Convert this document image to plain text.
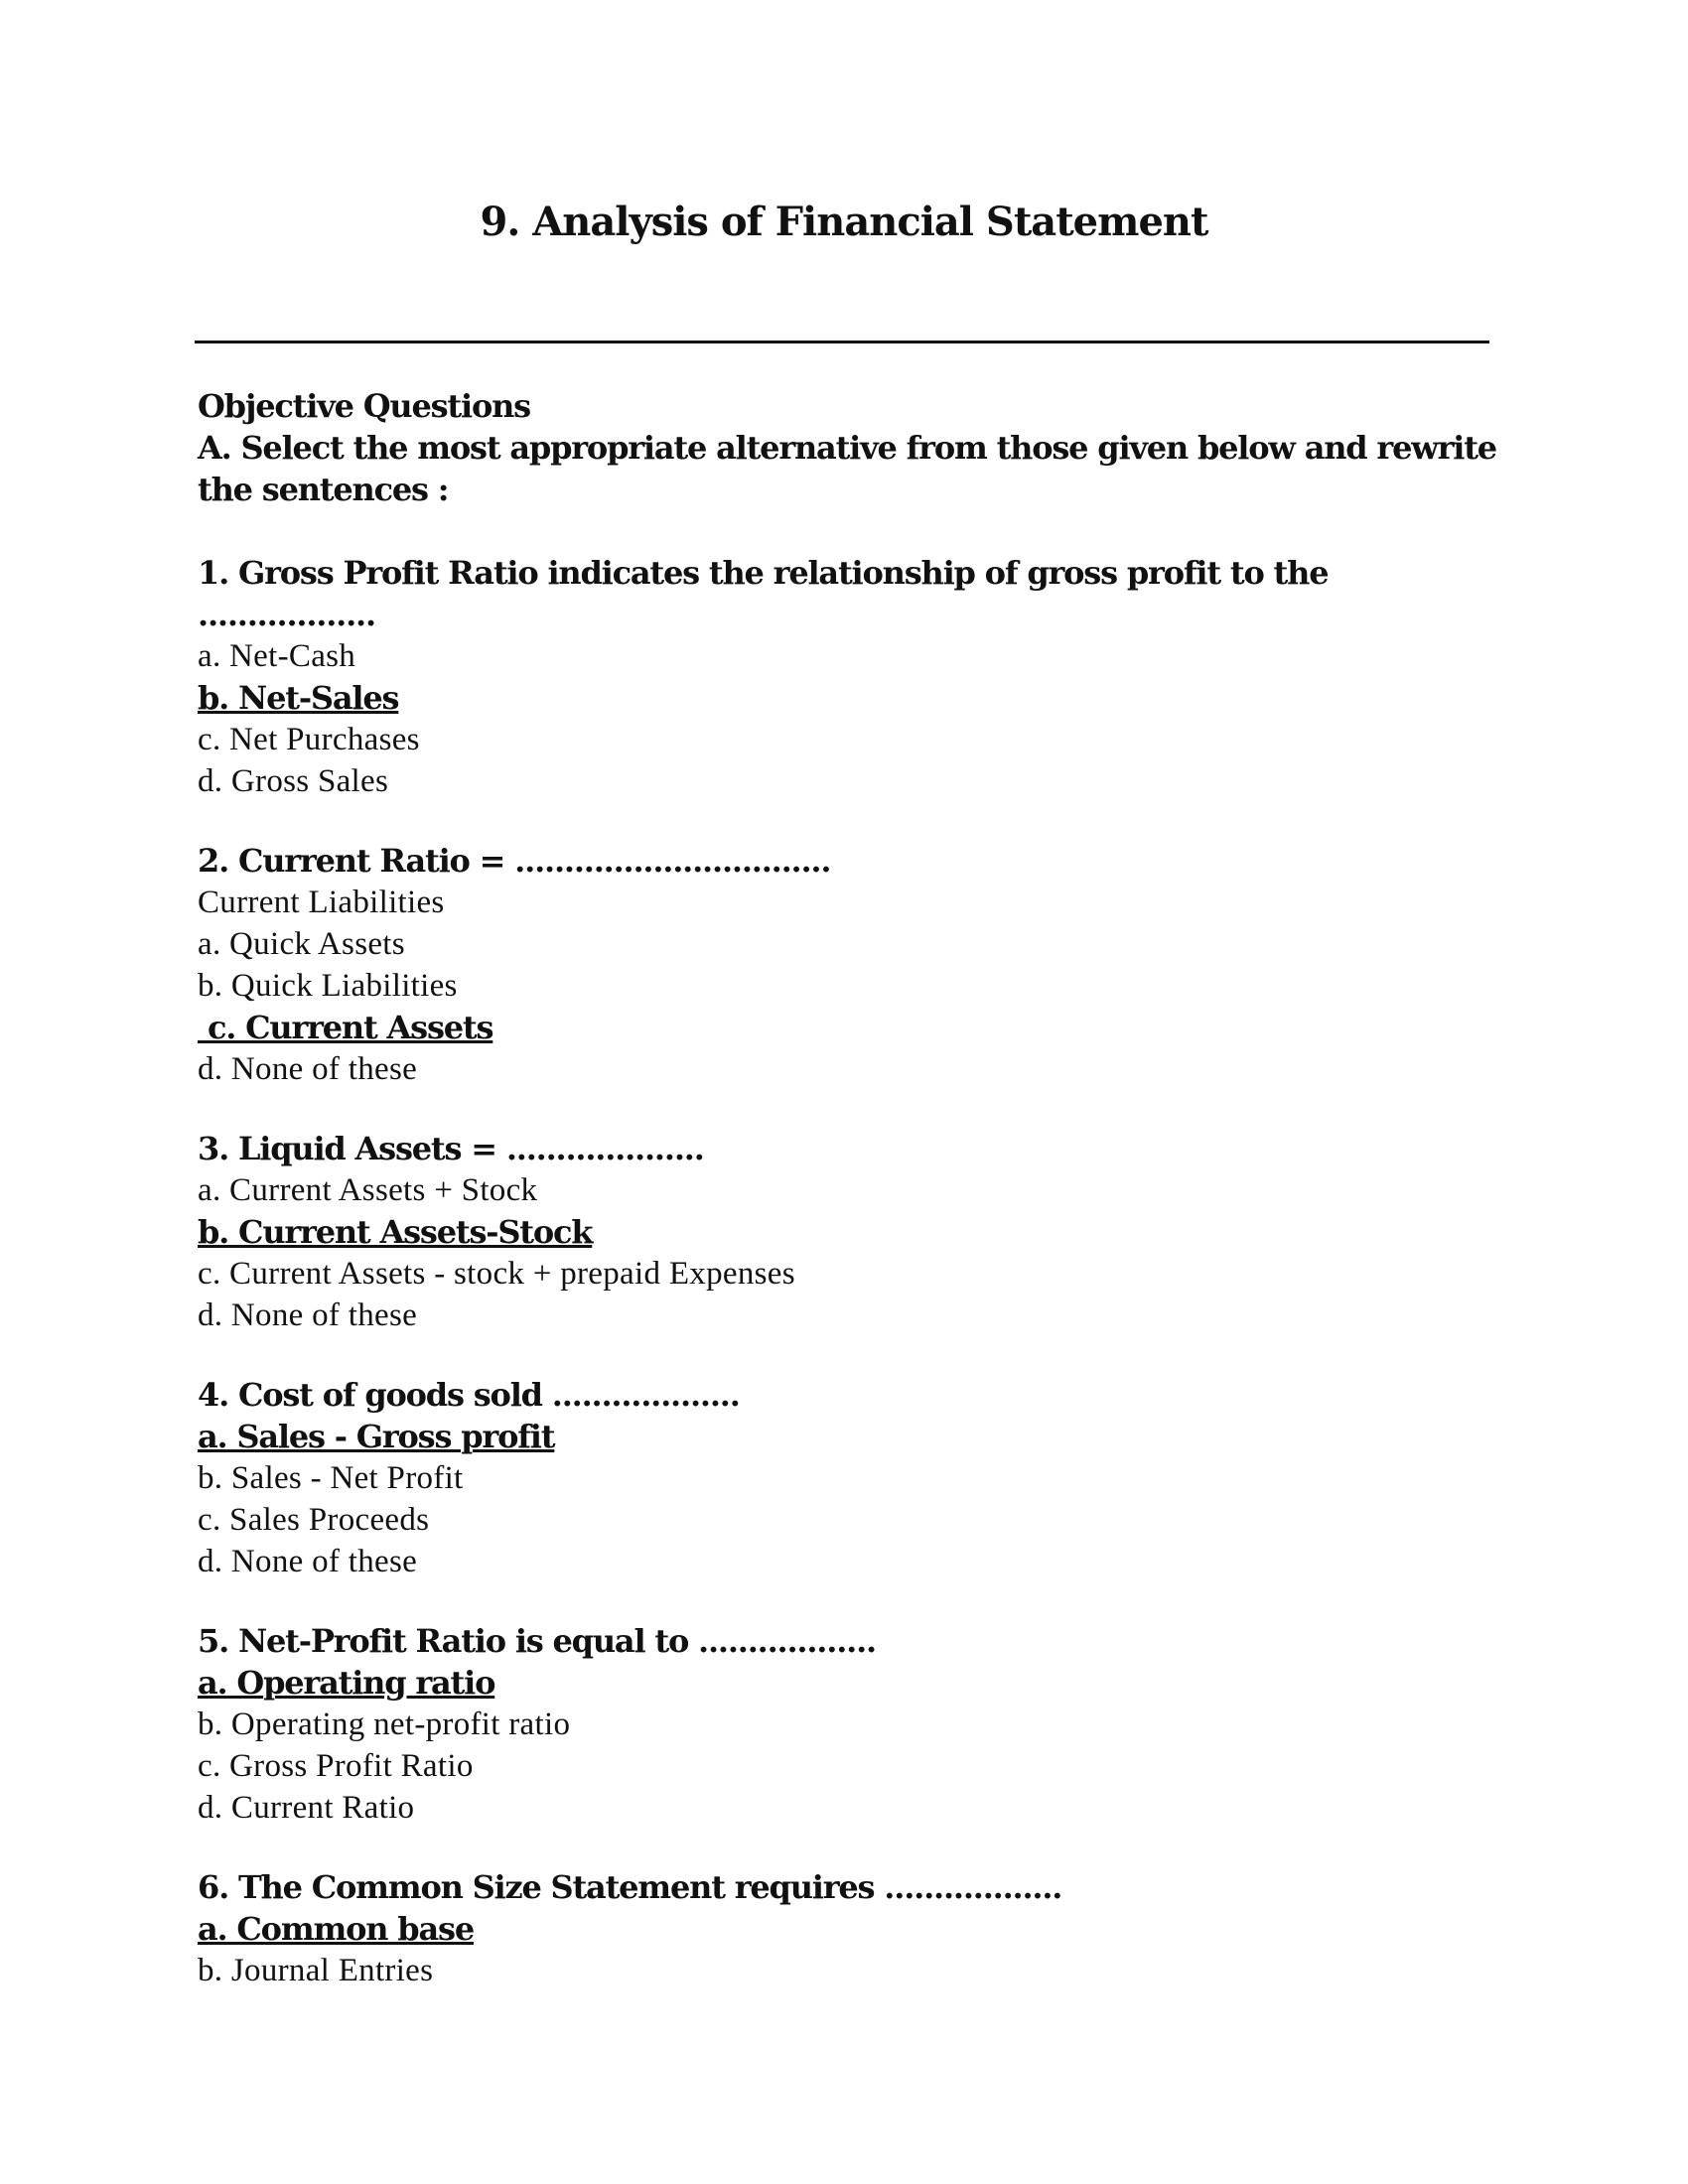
9. Analysis of Financial Statement
Objective Questions
A. Select the most appropriate alternative from those given below and rewrite the sentences :
1. Gross Profit Ratio indicates the relationship of gross profit to the ..................
a. Net-Cash
b. Net-Sales
c. Net Purchases
d. Gross Sales
2. Current Ratio = ................................
Current Liabilities
a. Quick Assets
b. Quick Liabilities
c. Current Assets
d. None of these
3. Liquid Assets = ....................
a. Current Assets + Stock
b. Current Assets-Stock
c. Current Assets - stock + prepaid Expenses
d. None of these
4. Cost of goods sold ...................
a. Sales - Gross profit
b. Sales - Net Profit
c. Sales Proceeds
d. None of these
5. Net-Profit Ratio is equal to ..................
a. Operating ratio
b. Operating net-profit ratio
c. Gross Profit Ratio
d. Current Ratio
6. The Common Size Statement requires ..................
a. Common base
b. Journal Entries
